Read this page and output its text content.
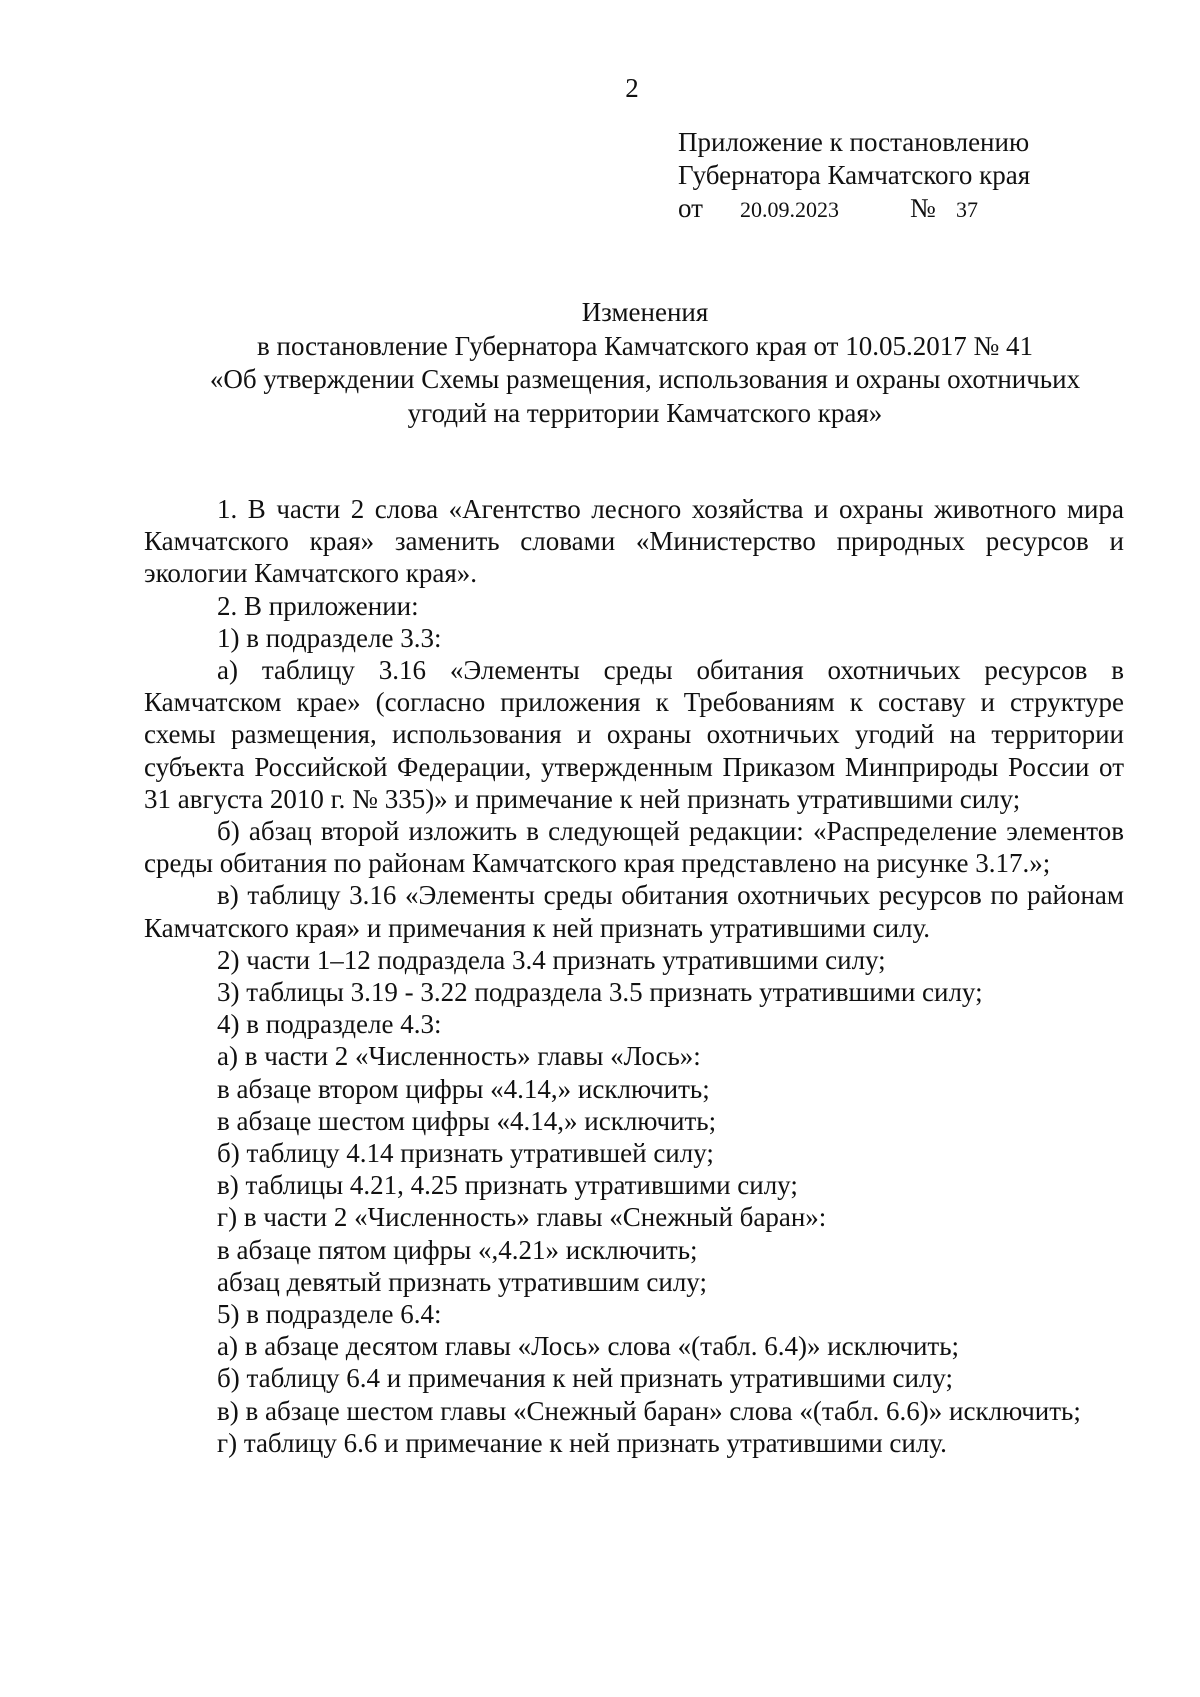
2
Приложение к постановлению
Губернатора Камчатского края
от 20.09.2023	№ 37
Изменения
в постановление Губернатора Камчатского края от 10.05.2017 № 41
«Об утверждении Схемы размещения, использования и охраны охотничьих
угодий на территории Камчатского края»

1. В части 2 слова «Агентство лесного хозяйства и охраны животного мира Камчатского края» заменить словами «Министерство природных ресурсов и экологии Камчатского края».

2. В приложении:

1) в подразделе 3.3:

а) таблицу 3.16 «Элементы среды обитания охотничьих ресурсов в Камчатском крае» (согласно приложения к Требованиям к составу и структуре схемы размещения, использования и охраны охотничьих угодий на территории субъекта Российской Федерации, утвержденным Приказом Минприроды России от 31 августа 2010 г. № 335)» и примечание к ней признать утратившими силу;

б) абзац второй изложить в следующей редакции: «Распределение элементов среды обитания по районам Камчатского края представлено на рисунке 3.17.»;

в) таблицу 3.16 «Элементы среды обитания охотничьих ресурсов по районам Камчатского края» и примечания к ней признать утратившими силу.

2) части 1–12 подраздела 3.4 признать утратившими силу;

3) таблицы 3.19 - 3.22 подраздела 3.5 признать утратившими силу;

4) в подразделе 4.3:

а) в части 2 «Численность» главы «Лось»:

в абзаце втором цифры «4.14,» исключить;

в абзаце шестом цифры «4.14,» исключить;

б) таблицу 4.14 признать утратившей силу;

в) таблицы 4.21, 4.25 признать утратившими силу;

г) в части 2 «Численность» главы «Снежный баран»:

в абзаце пятом цифры «,4.21» исключить;

абзац девятый признать утратившим силу;

5) в подразделе 6.4:

а) в абзаце десятом главы «Лось» слова «(табл. 6.4)» исключить;

б) таблицу 6.4 и примечания к ней признать утратившими силу;

в) в абзаце шестом главы «Снежный баран» слова «(табл. 6.6)» исключить;

г) таблицу 6.6 и примечание к ней признать утратившими силу.
